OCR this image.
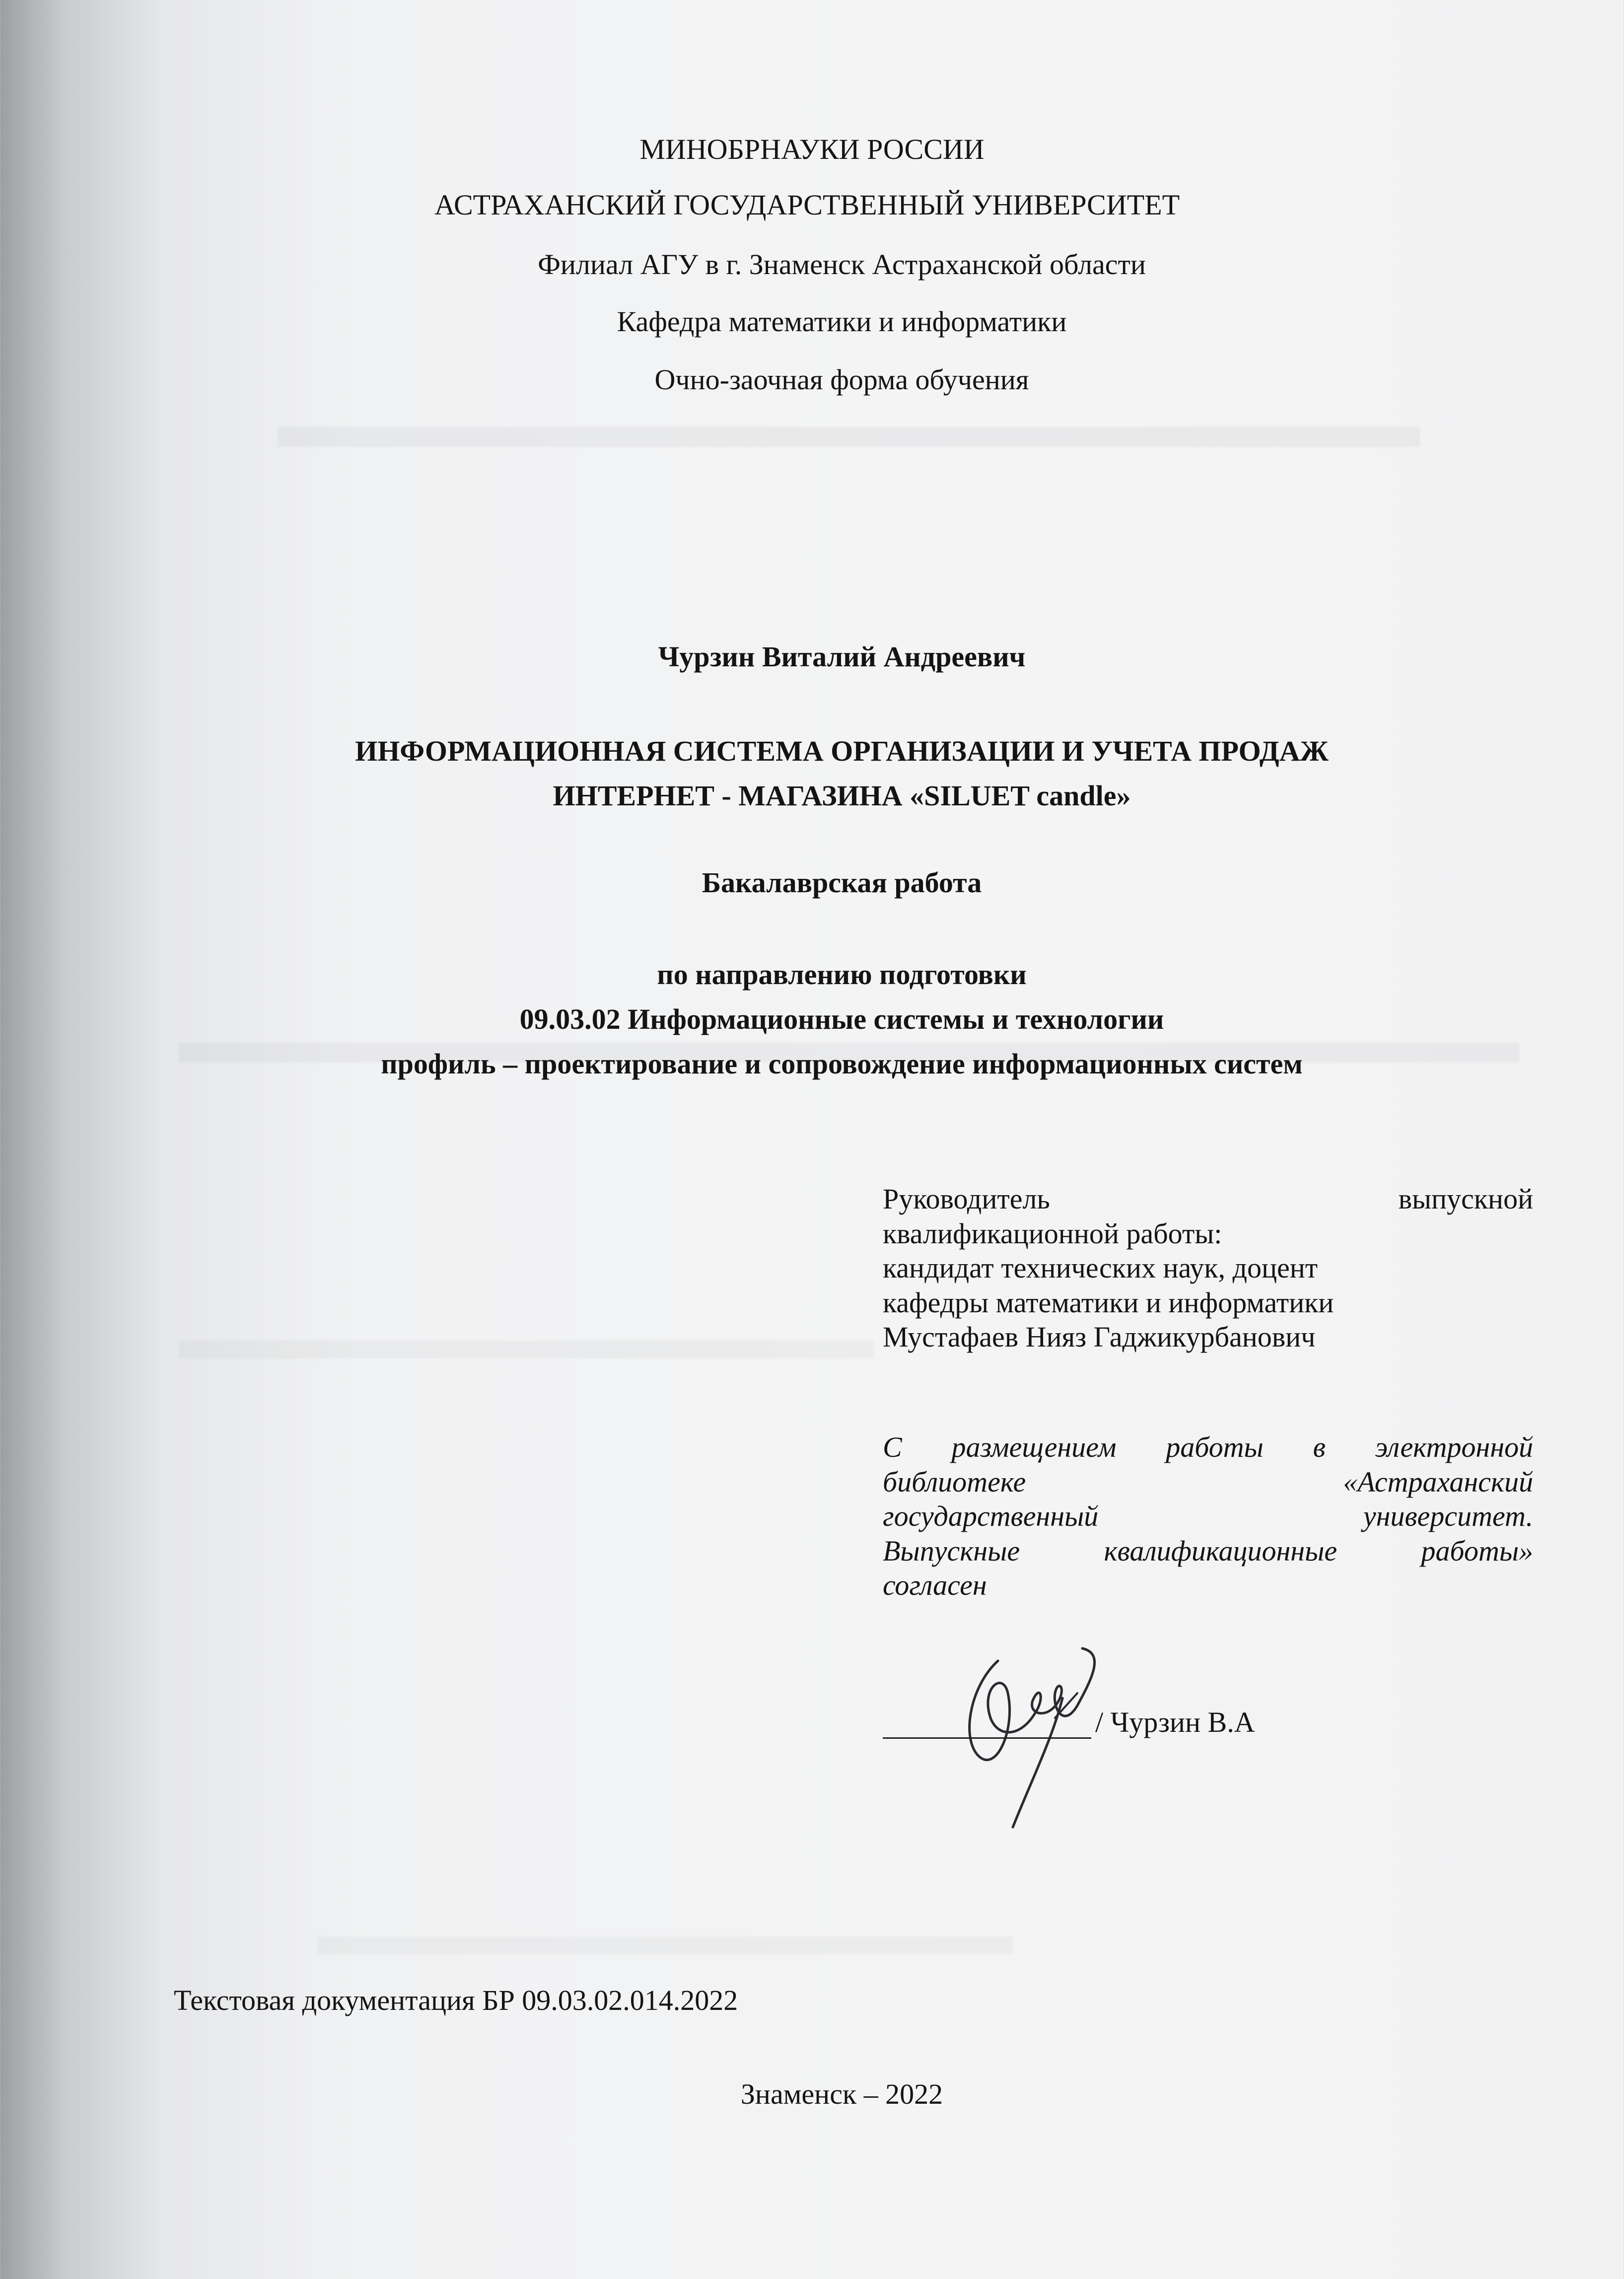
МИНОБРНАУКИ РОССИИ
АСТРАХАНСКИЙ ГОСУДАРСТВЕННЫЙ УНИВЕРСИТЕТ
Филиал АГУ в г. Знаменск Астраханской области
Кафедра математики и информатики
Очно-заочная форма обучения
Чурзин Виталий Андреевич
ИНФОРМАЦИОННАЯ СИСТЕМА ОРГАНИЗАЦИИ И УЧЕТА ПРОДАЖ
ИНТЕРНЕТ - МАГАЗИНА «SILUET candle»
Бакалаврская работа
по направлению подготовки
09.03.02 Информационные системы и технологии
профиль – проектирование и сопровождение информационных систем
Руководитель	выпускной
квалификационной работы:
кандидат технических наук, доцент
кафедры математики и информатики
Мустафаев Нияз Гаджикурбанович
С размещением работы в электронной
библиотеке	«Астраханский
государственный	университет.
Выпускные	квалификационные	работы»
согласен
/ Чурзин В.А
Текстовая документация БР 09.03.02.014.2022
Знаменск – 2022
